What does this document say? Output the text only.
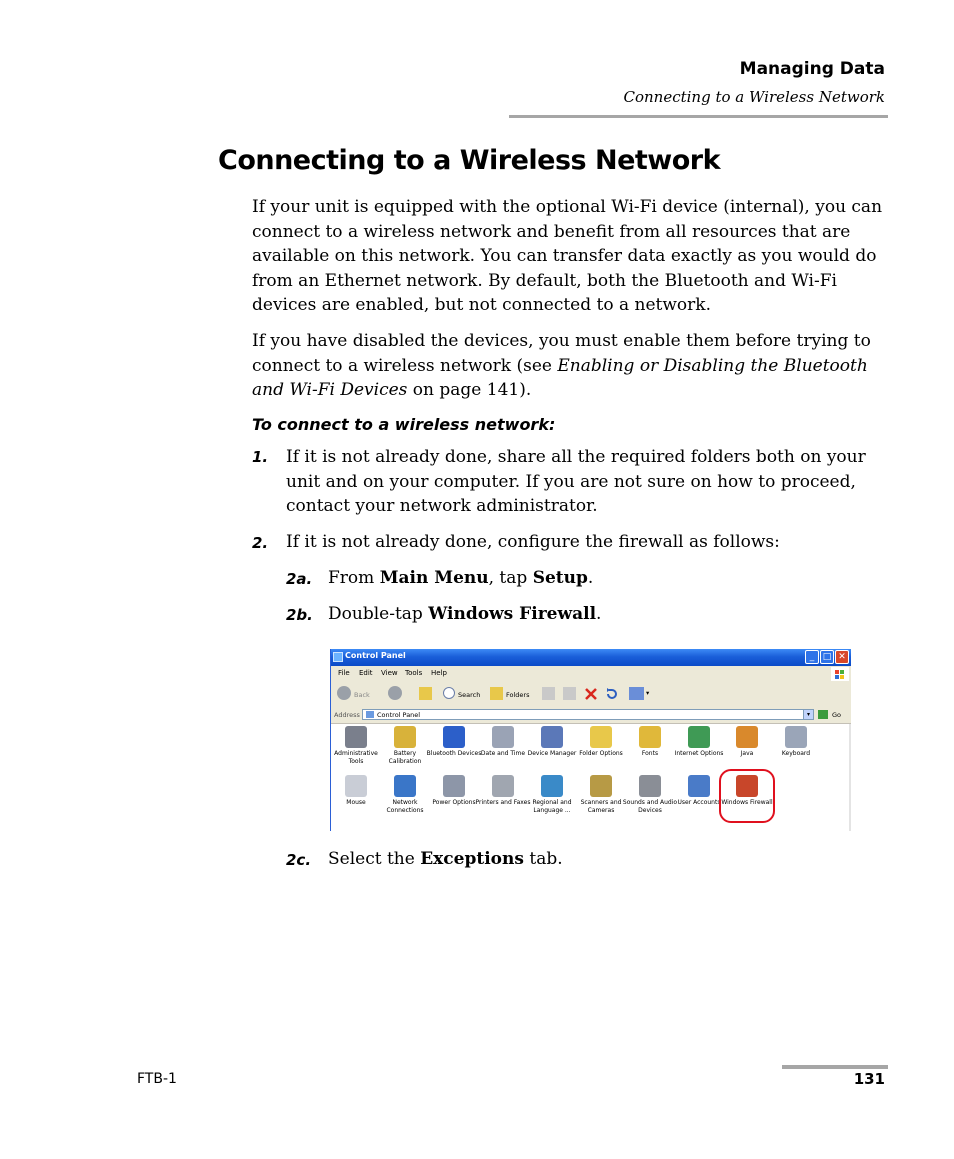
Managing Data
Connecting to a Wireless Network
Connecting to a Wireless Network

If your unit is equipped with the optional Wi-Fi device (internal), you can connect to a wireless network and benefit from all resources that are available on this network. You can transfer data exactly as you would do from an Ethernet network. By default, both the Bluetooth and Wi-Fi devices are enabled, but not connected to a network.

If you have disabled the devices, you must enable them before trying to connect to a wireless network (see Enabling or Disabling the Bluetooth and Wi-Fi Devices on page 141).

To connect to a wireless network:
1. If it is not already done, share all the required folders both on your unit and on your computer. If you are not sure on how to proceed, contact your network administrator.

2. If it is not already done, configure the firewall as follows:

2a. From Main Menu, tap Setup.

2b. Double-tap Windows Firewall.

Control Panel	_ □ ✕
File Edit View Tools Help
Back	Search	Folders	▾
Address	Control Panel	▾	Go
Administrative Tools
Battery Calibration
Bluetooth Devices Date and Time Device Manager Folder Options	Fonts	Internet Options	Java	Keyboard
Mouse	Network Connections
Power Options Printers and Faxes Regional and Language ...
Scanners and Cameras
Sounds and Audio Devices
User Accounts Windows Firewall
2c. Select the Exceptions tab.

FTB-1	131
